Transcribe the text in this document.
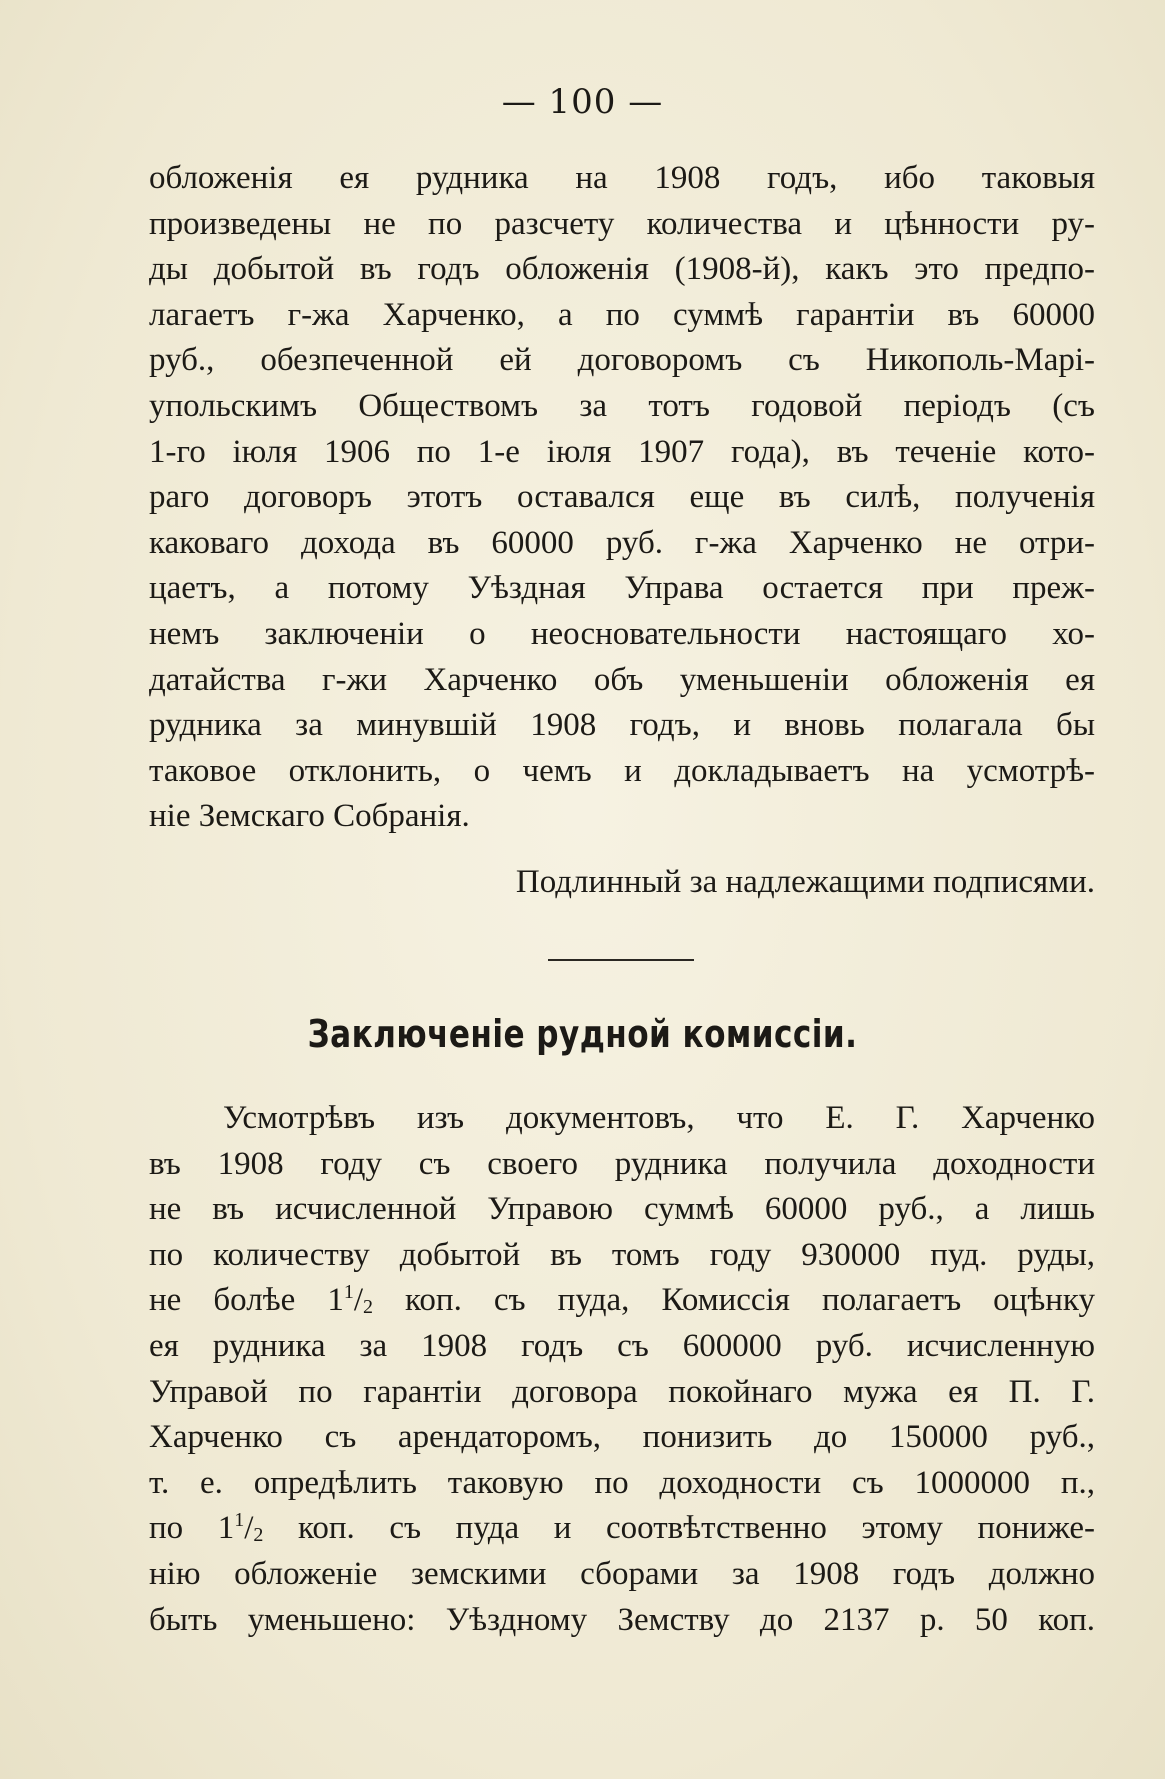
— 100 —
обложенія ея рудника на 1908 годъ, ибо таковыя
произведены не по разсчету количества и цѣнности ру-
ды добытой въ годъ обложенія (1908-й), какъ это предпо-
лагаетъ г-жа Харченко, а по суммѣ гарантіи въ 60000
руб., обезпеченной ей договоромъ съ Никополь-Марі-
упольскимъ Обществомъ за тотъ годовой періодъ (съ
1-го іюля 1906 по 1-е іюля 1907 года), въ теченіе кото-
раго договоръ этотъ оставался еще въ силѣ, полученія
каковаго дохода въ 60000 руб. г-жа Харченко не отри-
цаетъ, а потому Уѣздная Управа остается при преж-
немъ заключеніи о неосновательности настоящаго хо-
датайства г-жи Харченко объ уменьшеніи обложенія ея
рудника за минувшій 1908 годъ, и вновь полагала бы
таковое отклонить, о чемъ и докладываетъ на усмотрѣ-
ніе Земскаго Собранія.
Подлинный за надлежащими подписями.
Заключеніе рудной комиссіи.
Усмотрѣвъ изъ документовъ, что Е. Г. Харченко
въ 1908 году съ своего рудника получила доходности
не въ исчисленной Управою суммѣ 60000 руб., а лишь
по количеству добытой въ томъ году 930000 пуд. руды,
не болѣе $1^1/_2$ коп. съ пуда, Комиссія полагаетъ оцѣнку
ея рудника за 1908 годъ съ 600000 руб. исчисленную
Управой по гарантіи договора покойнаго мужа ея П. Г.
Харченко съ арендаторомъ, понизить до 150000 руб.,
т. е. опредѣлить таковую по доходности съ 1000000 п.,
по $1^1/_2$ коп. съ пуда и соотвѣтственно этому пониже-
нію обложеніе земскими сборами за 1908 годъ должно
быть уменьшено: Уѣздному Земству до 2137 р. 50 коп.
